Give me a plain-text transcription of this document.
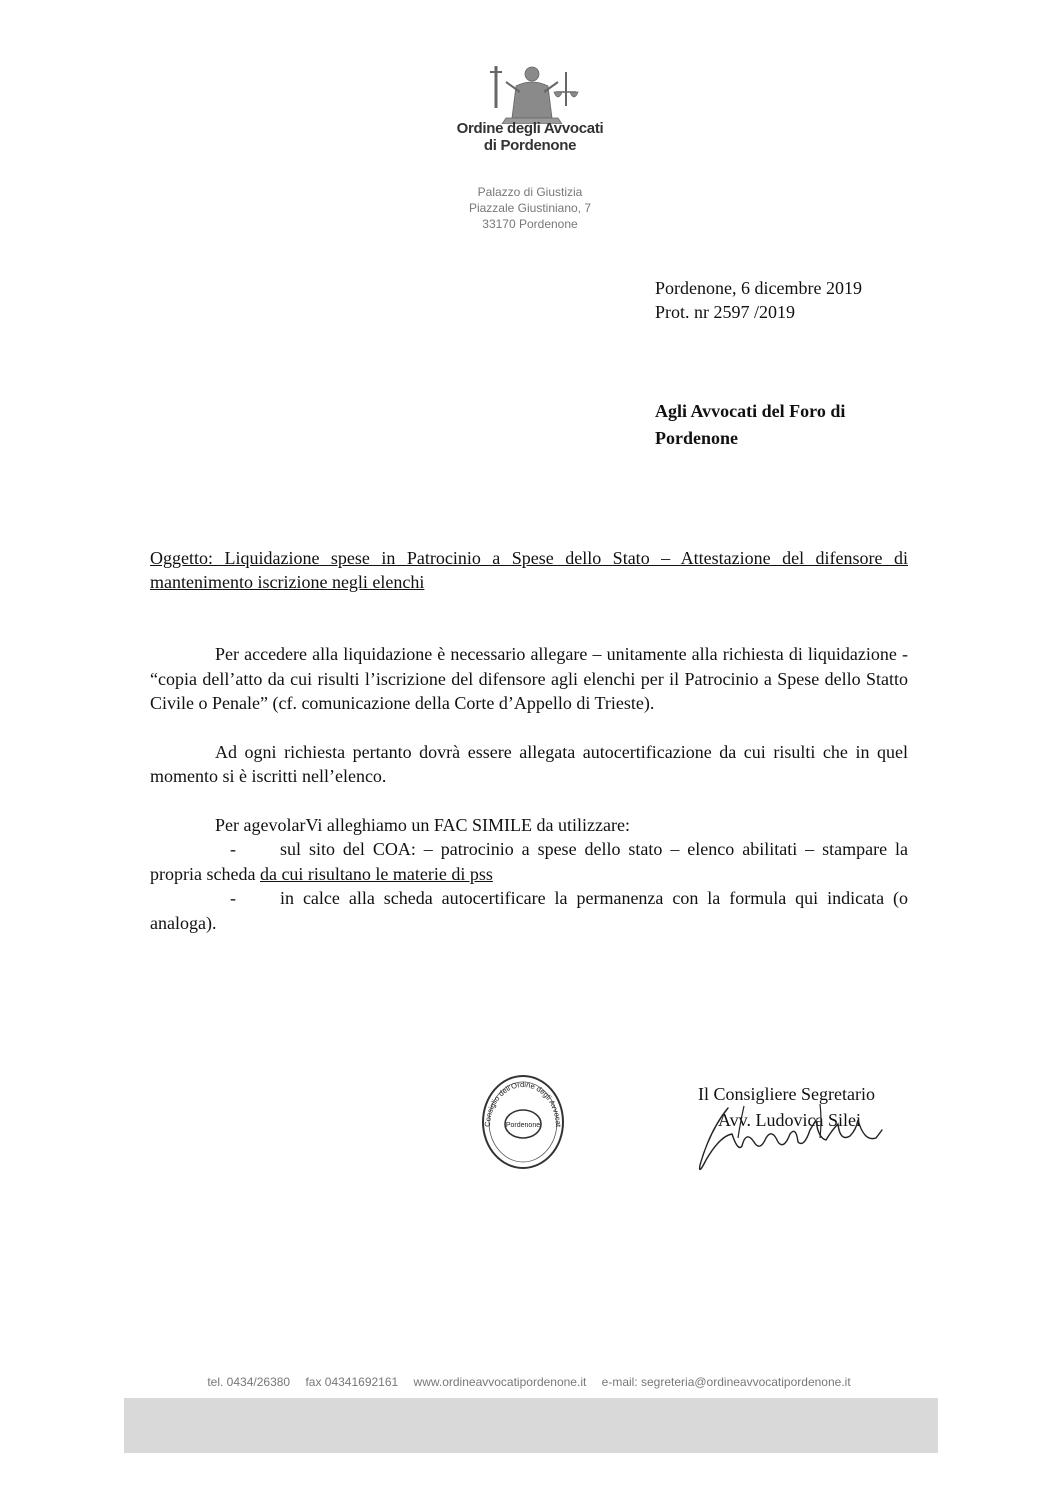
Ordine degli Avvocati
di Pordenone
Palazzo di Giustizia
Piazzale Giustiniano, 7
33170 Pordenone
Pordenone, 6 dicembre 2019
Prot. nr 2597 /2019
Agli Avvocati del Foro di Pordenone
Oggetto: Liquidazione spese in Patrocinio a Spese dello Stato – Attestazione del difensore di mantenimento iscrizione negli elenchi

Per accedere alla liquidazione è necessario allegare – unitamente alla richiesta di liquidazione - “copia dell’atto da cui risulti l’iscrizione del difensore agli elenchi per il Patrocinio a Spese dello Statto Civile o Penale” (cf. comunicazione della Corte d’Appello di Trieste).

Ad ogni richiesta pertanto dovrà essere allegata autocertificazione da cui risulti che in quel momento si è iscritti nell’elenco.

Per agevolarVi alleghiamo un FAC SIMILE da utilizzare:

- sul sito del COA: – patrocinio a spese dello stato – elenco abilitati – stampare la propria scheda da cui risultano le materie di pss

- in calce alla scheda autocertificare la permanenza con la formula qui indicata (o analoga).

Pordenone
Consiglio dell'Ordine degli Avvocat
Il Consigliere Segretario
Avv. Ludovica Silei
tel. 0434/26380 fax 04341692161 www.ordineavvocatipordenone.it e-mail: segreteria@ordineavvocatipordenone.it
